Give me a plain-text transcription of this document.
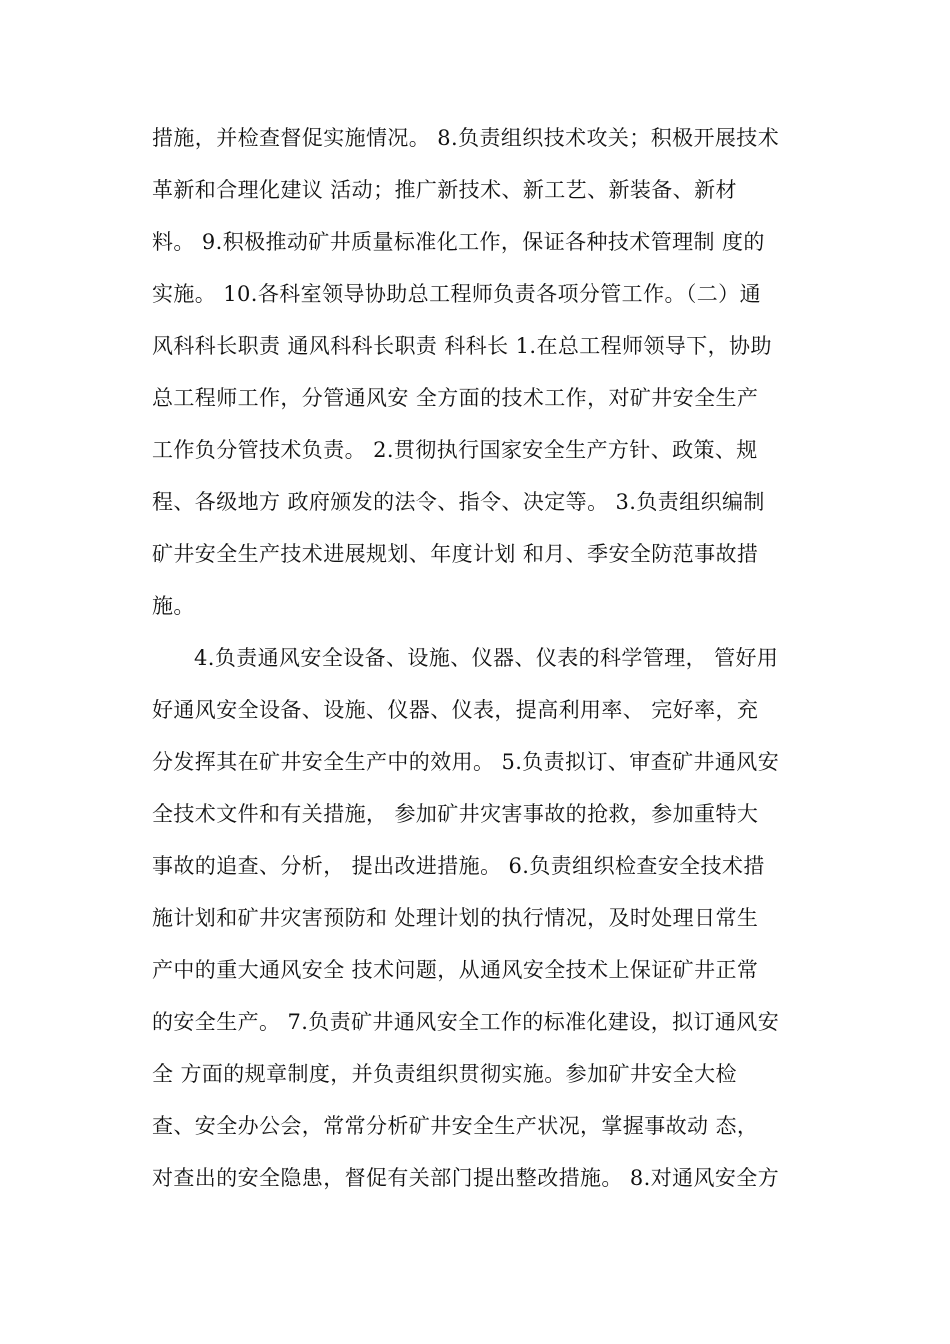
措施，并检查督促实施情况。 8.负责组织技术攻关；积极开展技术
革新和合理化建议 活动；推广新技术、新工艺、新装备、新材
料。 9.积极推动矿井质量标准化工作，保证各种技术管理制 度的
实施。 10.各科室领导协助总工程师负责各项分管工作。（二）通
风科科长职责 通风科科长职责 科科长 1.在总工程师领导下，协助
总工程师工作，分管通风安 全方面的技术工作，对矿井安全生产
工作负分管技术负责。 2.贯彻执行国家安全生产方针、政策、规
程、各级地方 政府颁发的法令、指令、决定等。 3.负责组织编制
矿井安全生产技术进展规划、年度计划 和月、季安全防范事故措
施。
4.负责通风安全设备、设施、仪器、仪表的科学管理， 管好用
好通风安全设备、设施、仪器、仪表，提高利用率、 完好率，充
分发挥其在矿井安全生产中的效用。 5.负责拟订、审查矿井通风安
全技术文件和有关措施， 参加矿井灾害事故的抢救，参加重特大
事故的追查、分析， 提出改进措施。 6.负责组织检查安全技术措
施计划和矿井灾害预防和 处理计划的执行情况，及时处理日常生
产中的重大通风安全 技术问题，从通风安全技术上保证矿井正常
的安全生产。 7.负责矿井通风安全工作的标准化建设，拟订通风安
全 方面的规章制度，并负责组织贯彻实施。参加矿井安全大检
查、安全办公会，常常分析矿井安全生产状况，掌握事故动 态，
对查出的安全隐患，督促有关部门提出整改措施。 8.对通风安全方
